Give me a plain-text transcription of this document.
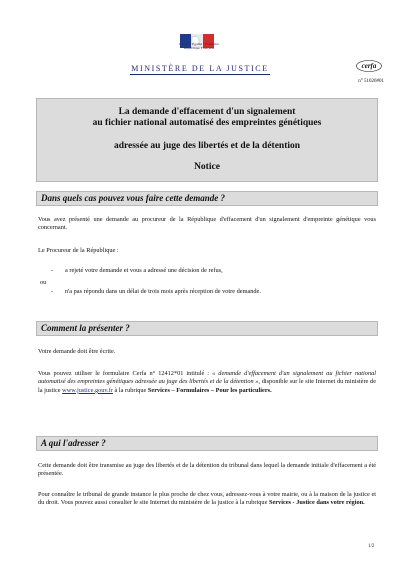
Liberté • Égalité • Fraternité
République Française
MINISTÈRE DE LA JUSTICE	cerfa
n° 51026#01
La demande d'effacement d'un signalement
au fichier national automatisé des empreintes génétiques
adressée au juge des libertés et de la détention
Notice
Dans quels cas pouvez vous faire cette demande ?
Vous avez présenté une demande au procureur de la République d'effacement d'un signalement d'empreinte génétique vous concernant.
Le Procureur de la République :
- a rejeté votre demande et vous a adressé une décision de refus,
ou
- n'a pas répondu dans un délai de trois mois après réception de votre demande.
Comment la présenter ?
Votre demande doit être écrite.
Vous pouvez utiliser le formulaire Cerfa n° 12412*01 intitulé : « demande d'effacement d'un signalement au fichier national automatisé des empreintes génétiques adressée au juge des libertés et de la détention », disponible sur le site Internet du ministère de la justice www.justice.gouv.fr à la rubrique Services – Formulaires – Pour les particuliers.
A qui l'adresser ?
Cette demande doit être transmise au juge des libertés et de la détention du tribunal dans lequel la demande initiale d'effacement a été présentée.
Pour connaître le tribunal de grande instance le plus proche de chez vous, adressez-vous à votre mairie, ou à la maison de la justice et du droit. Vous pouvez aussi consulter le site Internet du ministère de la justice à la rubrique Services - Justice dans votre région.
1/2
